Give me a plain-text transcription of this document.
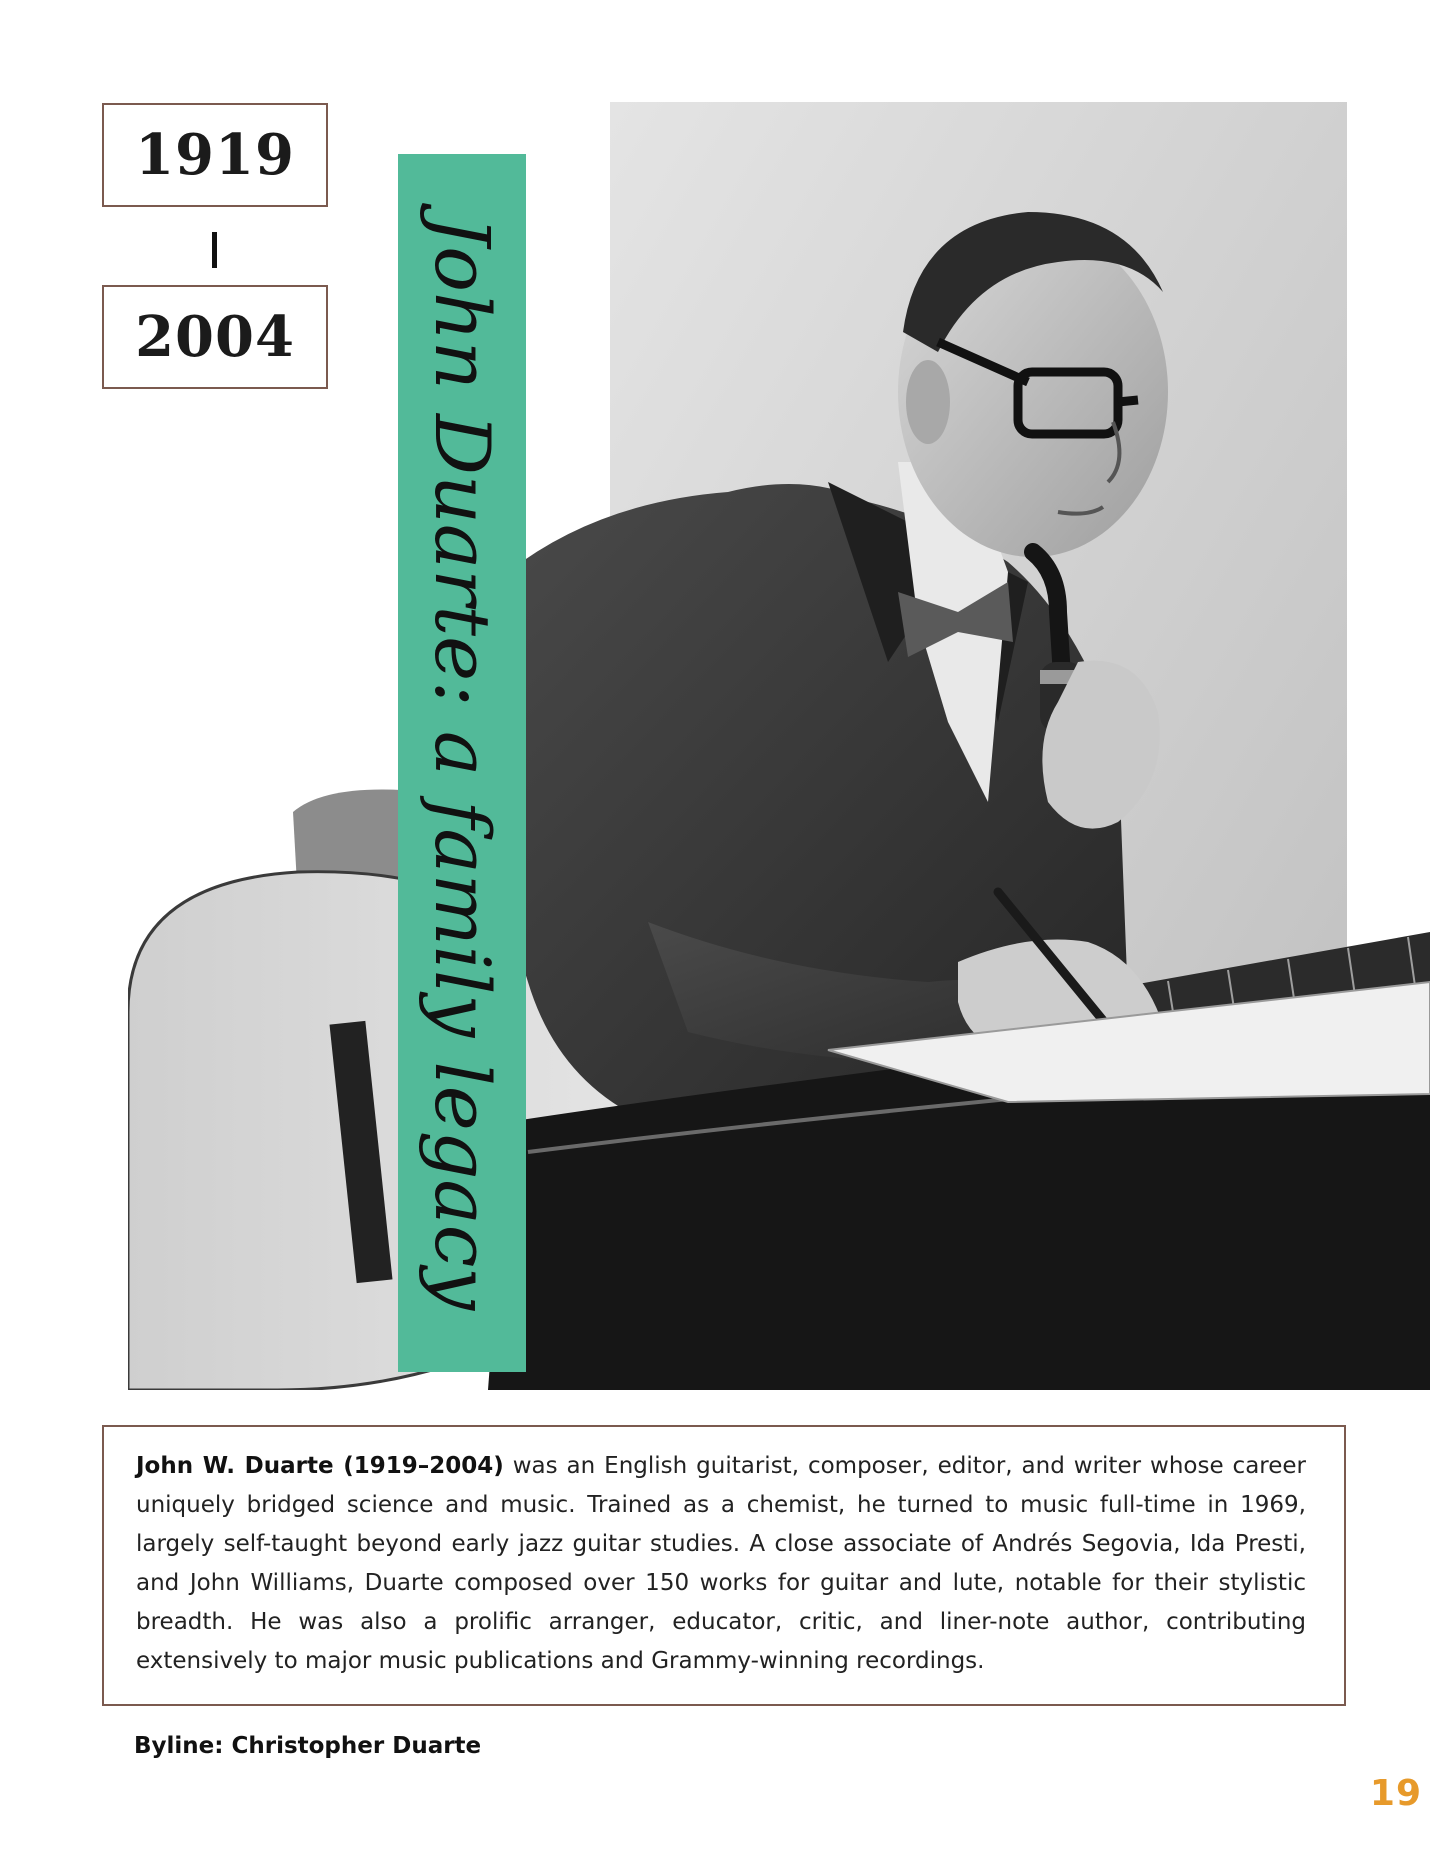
1919
2004 John Duarte: a family legacy
John W. Duarte (1919–2004) was an English guitarist, composer, editor, and writer whose career uniquely bridged science and music. Trained as a chemist, he turned to music full-time in 1969, largely self-taught beyond early jazz guitar studies. A close associate of Andrés Segovia, Ida Presti, and John Williams, Duarte composed over 150 works for guitar and lute, notable for their stylistic breadth. He was also a prolific arranger, educator, critic, and liner-note author, contributing extensively to major music publications and Grammy-winning recordings.
Byline: Christopher Duarte
19
